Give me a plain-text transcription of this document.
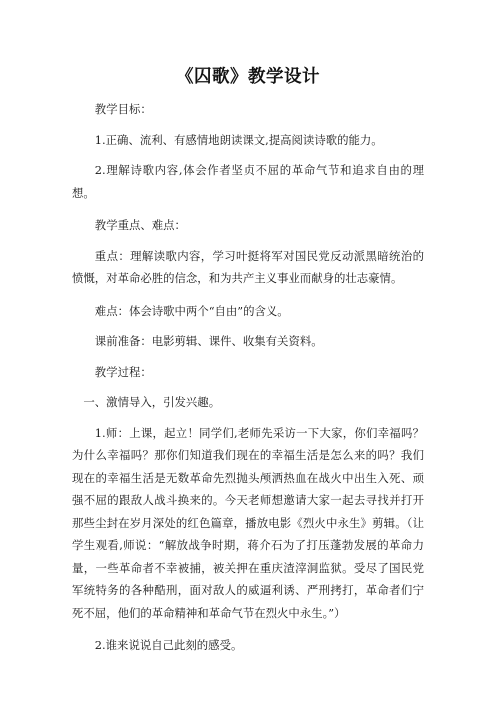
《囚歌》教学设计

教学目标：

1.正确、流利、有感情地朗读课文,提高阅读诗歌的能力。

2.理解诗歌内容,体会作者坚贞不屈的革命气节和追求自由的理想。

教学重点、难点：

重点：理解读歌内容，学习叶挺将军对国民党反动派黑暗统治的愤慨，对革命必胜的信念，和为共产主义事业而献身的壮志豪情。

难点：体会诗歌中两个“自由”的含义。

课前准备：电影剪辑、课件、收集有关资料。

教学过程：

一、激情导入，引发兴趣。

1.师：上课，起立！同学们,老师先采访一下大家，你们幸福吗？为什么幸福吗？那你们知道我们现在的幸福生活是怎么来的吗？我们现在的幸福生活是无数革命先烈抛头颅洒热血在战火中出生入死、顽强不屈的跟敌人战斗换来的。今天老师想邀请大家一起去寻找并打开那些尘封在岁月深处的红色篇章，播放电影《烈火中永生》剪辑。（让学生观看,师说：“解放战争时期，蒋介石为了打压蓬勃发展的革命力量，一些革命者不幸被捕，被关押在重庆渣滓洞监狱。受尽了国民党军统特务的各种酷刑，面对敌人的威逼利诱、严刑拷打，革命者们宁死不屈，他们的革命精神和革命气节在烈火中永生。”）

2.谁来说说自己此刻的感受。
